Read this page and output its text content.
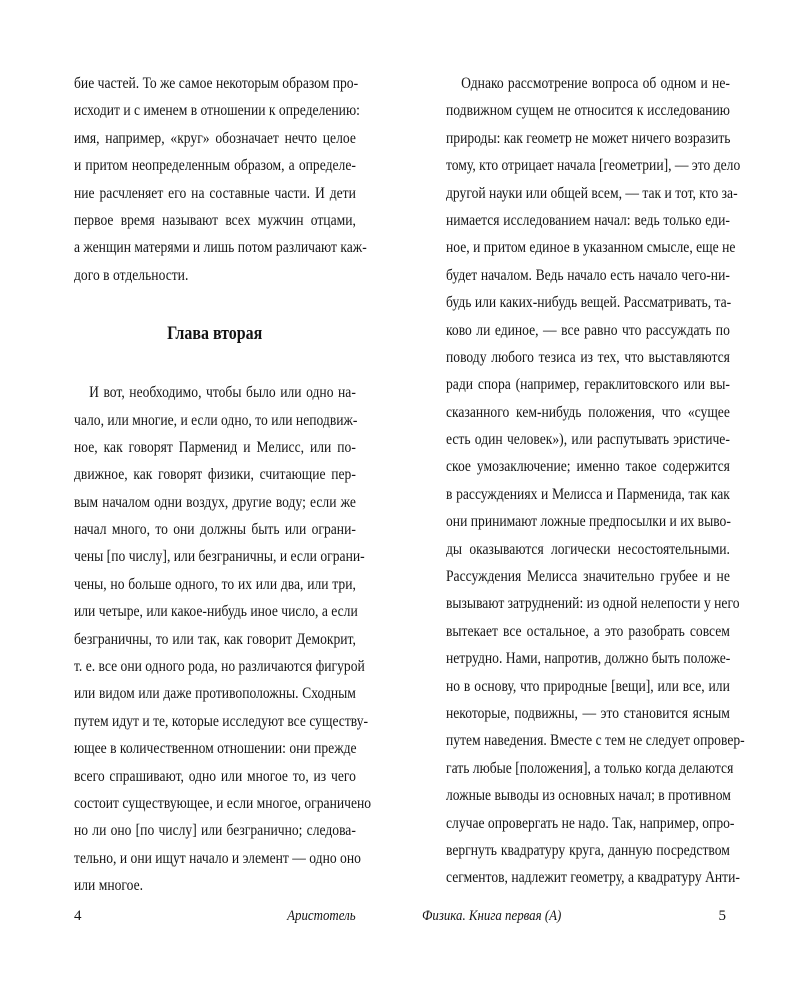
бие частей. То же самое некоторым образом про-
исходит и с именем в отношении к определению:
имя, например, «круг» обозначает нечто целое
и притом неопределенным образом, а определе-
ние расчленяет его на составные части. И дети
первое время называют всех мужчин отцами,
а женщин матерями и лишь потом различают каж-
дого в отдельности.
Глава вторая
И вот, необходимо, чтобы было или одно на-
чало, или многие, и если одно, то или неподвиж-
ное, как говорят Парменид и Мелисс, или по-
движное, как говорят физики, считающие пер-
вым началом одни воздух, другие воду; если же
начал много, то они должны быть или ограни-
чены [по числу], или безграничны, и если ограни-
чены, но больше одного, то их или два, или три,
или четыре, или какое-нибудь иное число, а если
безграничны, то или так, как говорит Демокрит,
т. е. все они одного рода, но различаются фигурой
или видом или даже противоположны. Сходным
путем идут и те, которые исследуют все существу-
ющее в количественном отношении: они прежде
всего спрашивают, одно или многое то, из чего
состоит существующее, и если многое, ограничено
но ли оно [по числу] или безгранично; следова-
тельно, и они ищут начало и элемент — одно оно
или многое.
4	Аристотель
Однако рассмотрение вопроса об одном и не-
подвижном сущем не относится к исследованию
природы: как геометр не может ничего возразить
тому, кто отрицает начала [геометрии], — это дело
другой науки или общей всем, — так и тот, кто за-
нимается исследованием начал: ведь только еди-
ное, и притом единое в указанном смысле, еще не
будет началом. Ведь начало есть начало чего-ни-
будь или каких-нибудь вещей. Рассматривать, та-
ково ли единое, — все равно что рассуждать по
поводу любого тезиса из тех, что выставляются
ради спора (например, гераклитовского или вы-
сказанного кем-нибудь положения, что «сущее
есть один человек»), или распутывать эристиче-
ское умозаключение; именно такое содержится
в рассуждениях и Мелисса и Парменида, так как
они принимают ложные предпосылки и их выво-
ды оказываются логически несостоятельными.
Рассуждения Мелисса значительно грубее и не
вызывают затруднений: из одной нелепости у него
вытекает все остальное, а это разобрать совсем
нетрудно. Нами, напротив, должно быть положе-
но в основу, что природные [вещи], или все, или
некоторые, подвижны, — это становится ясным
путем наведения. Вместе с тем не следует опровер-
гать любые [положения], а только когда делаются
ложные выводы из основных начал; в противном
случае опровергать не надо. Так, например, опро-
вергнуть квадратуру круга, данную посредством
сегментов, надлежит геометру, а квадратуру Анти-
Физика. Книга первая (А)	5
